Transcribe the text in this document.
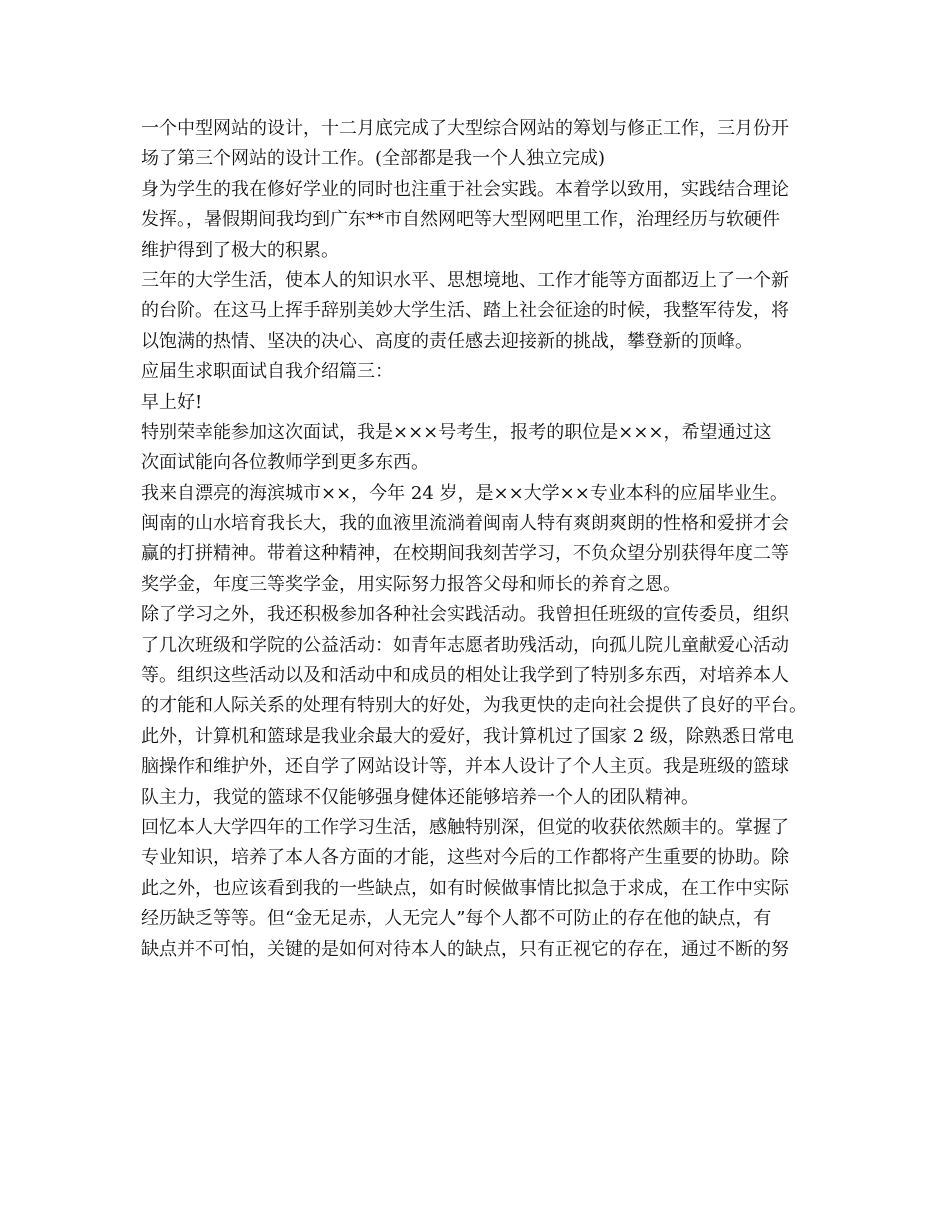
一个中型网站的设计，十二月底完成了大型综合网站的筹划与修正工作，三月份开
场了第三个网站的设计工作。(全部都是我一个人独立完成)
身为学生的我在修好学业的同时也注重于社会实践。本着学以致用，实践结合理论
发挥。，暑假期间我均到广东**市自然网吧等大型网吧里工作，治理经历与软硬件
维护得到了极大的积累。
三年的大学生活，使本人的知识水平、思想境地、工作才能等方面都迈上了一个新
的台阶。在这马上挥手辞别美妙大学生活、踏上社会征途的时候，我整军待发，将
以饱满的热情、坚决的决心、高度的责任感去迎接新的挑战，攀登新的顶峰。
应届生求职面试自我介绍篇三：
早上好!
特别荣幸能参加这次面试，我是×××号考生，报考的职位是×××，希望通过这
次面试能向各位教师学到更多东西。
我来自漂亮的海滨城市××，今年 24 岁，是××大学××专业本科的应届毕业生。
闽南的山水培育我长大，我的血液里流淌着闽南人特有爽朗爽朗的性格和爱拼才会
赢的打拼精神。带着这种精神，在校期间我刻苦学习，不负众望分别获得年度二等
奖学金，年度三等奖学金，用实际努力报答父母和师长的养育之恩。
除了学习之外，我还积极参加各种社会实践活动。我曾担任班级的宣传委员，组织
了几次班级和学院的公益活动：如青年志愿者助残活动，向孤儿院儿童献爱心活动
等。组织这些活动以及和活动中和成员的相处让我学到了特别多东西，对培养本人
的才能和人际关系的处理有特别大的好处，为我更快的走向社会提供了良好的平台。
此外，计算机和篮球是我业余最大的爱好，我计算机过了国家 2 级，除熟悉日常电
脑操作和维护外，还自学了网站设计等，并本人设计了个人主页。我是班级的篮球
队主力，我觉的篮球不仅能够强身健体还能够培养一个人的团队精神。
回忆本人大学四年的工作学习生活，感触特别深，但觉的收获依然颇丰的。掌握了
专业知识，培养了本人各方面的才能，这些对今后的工作都将产生重要的协助。除
此之外，也应该看到我的一些缺点，如有时候做事情比拟急于求成，在工作中实际
经历缺乏等等。但“金无足赤，人无完人”每个人都不可防止的存在他的缺点，有
缺点并不可怕，关键的是如何对待本人的缺点，只有正视它的存在，通过不断的努
